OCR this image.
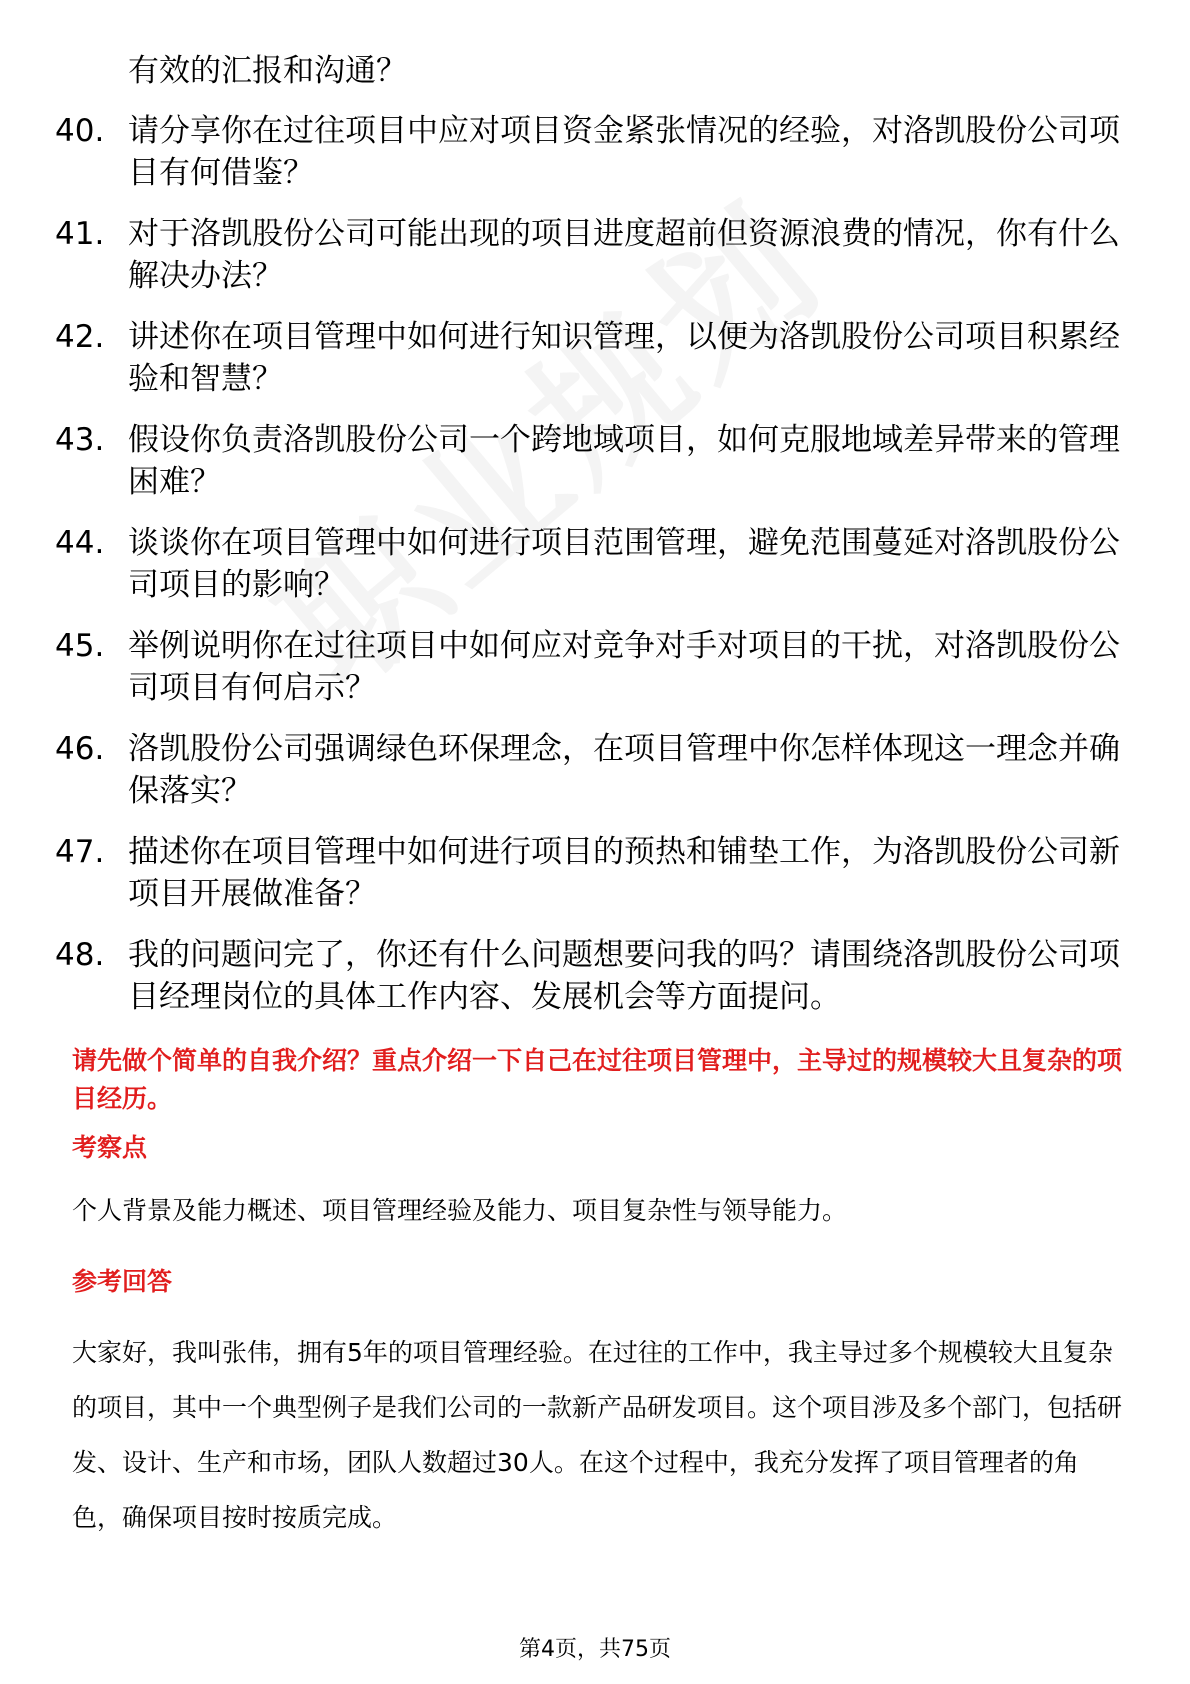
有效的汇报和沟通？

40. 请分享你在过往项目中应对项目资金紧张情况的经验，对洛凯股份公司项目有何借鉴？
41. 对于洛凯股份公司可能出现的项目进度超前但资源浪费的情况，你有什么解决办法？
42. 讲述你在项目管理中如何进行知识管理，以便为洛凯股份公司项目积累经验和智慧？
43. 假设你负责洛凯股份公司一个跨地域项目，如何克服地域差异带来的管理困难？
44. 谈谈你在项目管理中如何进行项目范围管理，避免范围蔓延对洛凯股份公司项目的影响？
45. 举例说明你在过往项目中如何应对竞争对手对项目的干扰，对洛凯股份公司项目有何启示？
46. 洛凯股份公司强调绿色环保理念，在项目管理中你怎样体现这一理念并确保落实？
47. 描述你在项目管理中如何进行项目的预热和铺垫工作，为洛凯股份公司新项目开展做准备？
48. 我的问题问完了，你还有什么问题想要问我的吗？请围绕洛凯股份公司项目经理岗位的具体工作内容、发展机会等方面提问。

请先做个简单的自我介绍？重点介绍一下自己在过往项目管理中，主导过的规模较大且复杂的项目经历。

考察点

个人背景及能力概述、项目管理经验及能力、项目复杂性与领导能力。

参考回答

大家好，我叫张伟，拥有5年的项目管理经验。在过往的工作中，我主导过多个规模较大且复杂的项目，其中一个典型例子是我们公司的一款新产品研发项目。这个项目涉及多个部门，包括研发、设计、生产和市场，团队人数超过30人。在这个过程中，我充分发挥了项目管理者的角色，确保项目按时按质完成。

第4页，共75页
